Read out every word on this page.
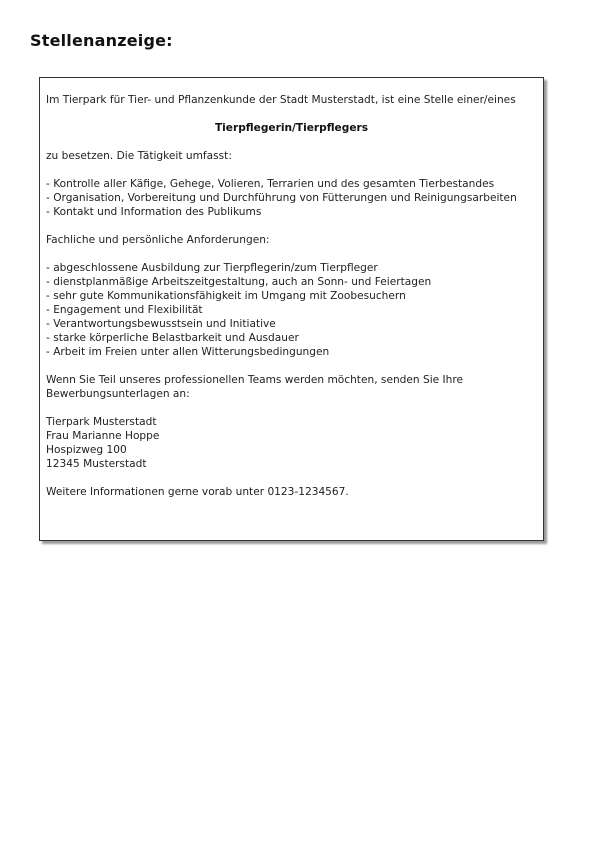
Stellenanzeige:

Im Tierpark für Tier- und Pflanzenkunde der Stadt Musterstadt, ist eine Stelle einer/eines

Tierpflegerin/Tierpflegers

zu besetzen. Die Tätigkeit umfasst:

- Kontrolle aller Käfige, Gehege, Volieren, Terrarien und des gesamten Tierbestandes
- Organisation, Vorbereitung und Durchführung von Fütterungen und Reinigungsarbeiten
- Kontakt und Information des Publikums

Fachliche und persönliche Anforderungen:

- abgeschlossene Ausbildung zur Tierpflegerin/zum Tierpfleger
- dienstplanmäßige Arbeitszeitgestaltung, auch an Sonn- und Feiertagen
- sehr gute Kommunikationsfähigkeit im Umgang mit Zoobesuchern
- Engagement und Flexibilität
- Verantwortungsbewusstsein und Initiative
- starke körperliche Belastbarkeit und Ausdauer
- Arbeit im Freien unter allen Witterungsbedingungen

Wenn Sie Teil unseres professionellen Teams werden möchten, senden Sie Ihre Bewerbungsunterlagen an:

Tierpark Musterstadt
Frau Marianne Hoppe
Hospizweg 100
12345 Musterstadt

Weitere Informationen gerne vorab unter 0123-1234567.
